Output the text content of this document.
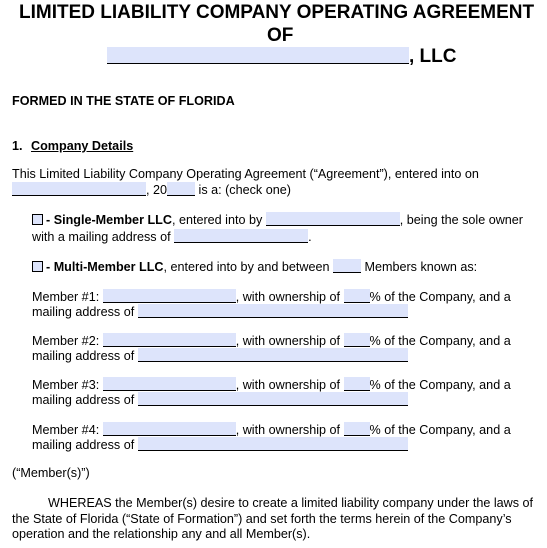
LIMITED LIABILITY COMPANY OPERATING AGREEMENT
OF
, LLC
FORMED IN THE STATE OF FLORIDA
1. Company Details
This Limited Liability Company Operating Agreement (“Agreement”), entered into on
, 20	is a: (check one)
- Single-Member LLC, entered into by	, being the sole owner
with a mailing address of	.
- Multi-Member LLC, entered into by and between	Members known as:
Member #1:	, with ownership of % of the Company, and a
mailing address of
Member #2:	, with ownership of % of the Company, and a
mailing address of
Member #3:	, with ownership of % of the Company, and a
mailing address of
Member #4:	, with ownership of % of the Company, and a
mailing address of
(“Member(s)”)
WHEREAS the Member(s) desire to create a limited liability company under the laws of
the State of Florida (“State of Formation”) and set forth the terms herein of the Company’s
operation and the relationship any and all Member(s).
